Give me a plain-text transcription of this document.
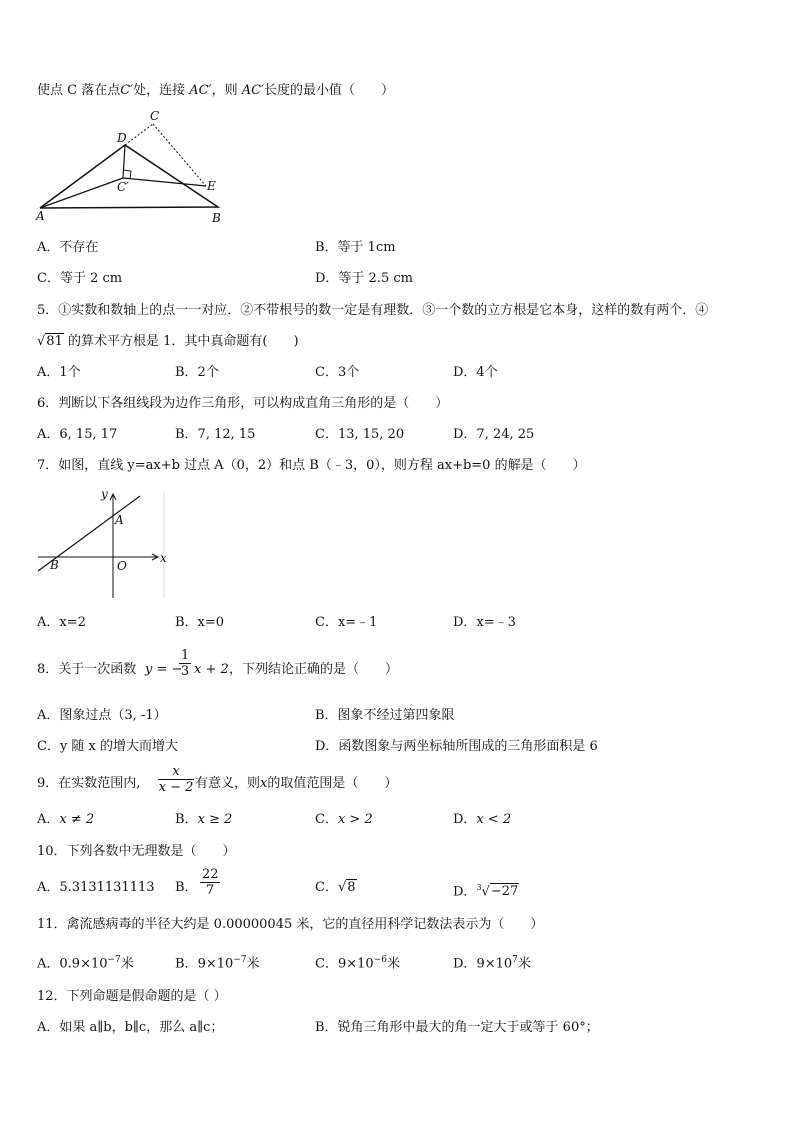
使点 C 落在点C′处，连接 AC′，则 AC′长度的最小值（　　）
A	B
C
D
E
C′
A．不存在	B．等于 1cm
C．等于 2 cm	D．等于 2.5 cm
5．①实数和数轴上的点一一对应．②不带根号的数一定是有理数．③一个数的立方根是它本身，这样的数有两个．④
√81 的算术平方根是 1．其中真命题有(　　)
A．1个	B．2个	C．3个	D．4个
6．判断以下各组线段为边作三角形，可以构成直角三角形的是（　　）
A．6, 15, 17	B．7, 12, 15	C．13, 15, 20	D．7, 24, 25
7．如图，直线 y=ax+b 过点 A（0，2）和点 B（﹣3，0），则方程 ax+b=0 的解是（　　）
x
y
A
B	O
A．x=2	B．x=0	C．x=﹣1	D．x=﹣3
8．关于一次函数 y = −
$\frac{1}{3}$ x + 2 ，下列结论正确的是（　　）
A．图象过点（3, -1）	B．图象不经过第四象限
C．y 随 x 的增大而增大	D．函数图象与两坐标轴所围成的三角形面积是 6
9．在实数范围内, $\frac{x}{x - 2}$ 有意义，则x的取值范围是（　　）
A．x ≠ 2	B．x ≥ 2	C．x > 2	D．x < 2
10．下列各数中无理数是（　　）
A．5.3131131113 B． $\frac{22}{7}$	C．√8	D．$^3$√−27
11．禽流感病毒的半径大约是 0.00000045 米，它的直径用科学记数法表示为（　　）
A．$0.9\times 10^{-7}$米	B．$9\times 10^{-7}$米	C．$9\times 10^{-6}$米	D．$9\times 10^7$米
12．下列命题是假命题的是（ ）
A．如果 a∥b，b∥c，那么 a∥c；	B．锐角三角形中最大的角一定大于或等于 60°；
